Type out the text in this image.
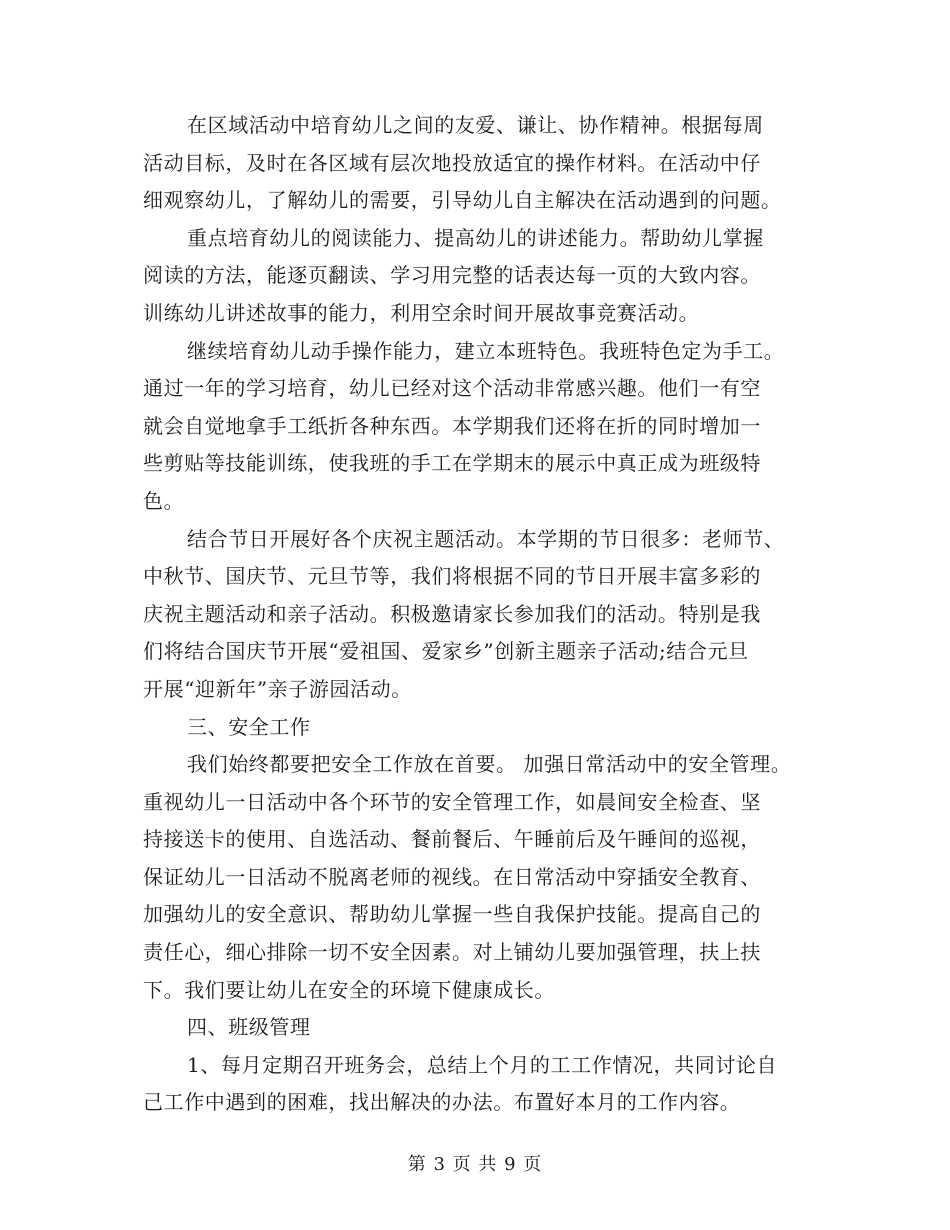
在区域活动中培育幼儿之间的友爱、谦让、协作精神。根据每周
活动目标，及时在各区域有层次地投放适宜的操作材料。在活动中仔
细观察幼儿，了解幼儿的需要，引导幼儿自主解决在活动遇到的问题。
重点培育幼儿的阅读能力、提高幼儿的讲述能力。帮助幼儿掌握
阅读的方法，能逐页翻读、学习用完整的话表达每一页的大致内容。
训练幼儿讲述故事的能力，利用空余时间开展故事竞赛活动。
继续培育幼儿动手操作能力，建立本班特色。我班特色定为手工。
通过一年的学习培育，幼儿已经对这个活动非常感兴趣。他们一有空
就会自觉地拿手工纸折各种东西。本学期我们还将在折的同时增加一
些剪贴等技能训练，使我班的手工在学期末的展示中真正成为班级特
色。
结合节日开展好各个庆祝主题活动。本学期的节日很多：老师节、
中秋节、国庆节、元旦节等，我们将根据不同的节日开展丰富多彩的
庆祝主题活动和亲子活动。积极邀请家长参加我们的活动。特别是我
们将结合国庆节开展“爱祖国、爱家乡”创新主题亲子活动;结合元旦
开展“迎新年”亲子游园活动。
三、安全工作
我们始终都要把安全工作放在首要。 加强日常活动中的安全管理。
重视幼儿一日活动中各个环节的安全管理工作，如晨间安全检查、坚
持接送卡的使用、自选活动、餐前餐后、午睡前后及午睡间的巡视，
保证幼儿一日活动不脱离老师的视线。在日常活动中穿插安全教育、
加强幼儿的安全意识、帮助幼儿掌握一些自我保护技能。提高自己的
责任心，细心排除一切不安全因素。对上铺幼儿要加强管理，扶上扶
下。我们要让幼儿在安全的环境下健康成长。
四、班级管理
1、每月定期召开班务会，总结上个月的工工作情况，共同讨论自
己工作中遇到的困难，找出解决的办法。布置好本月的工作内容。
第 3 页 共 9 页
